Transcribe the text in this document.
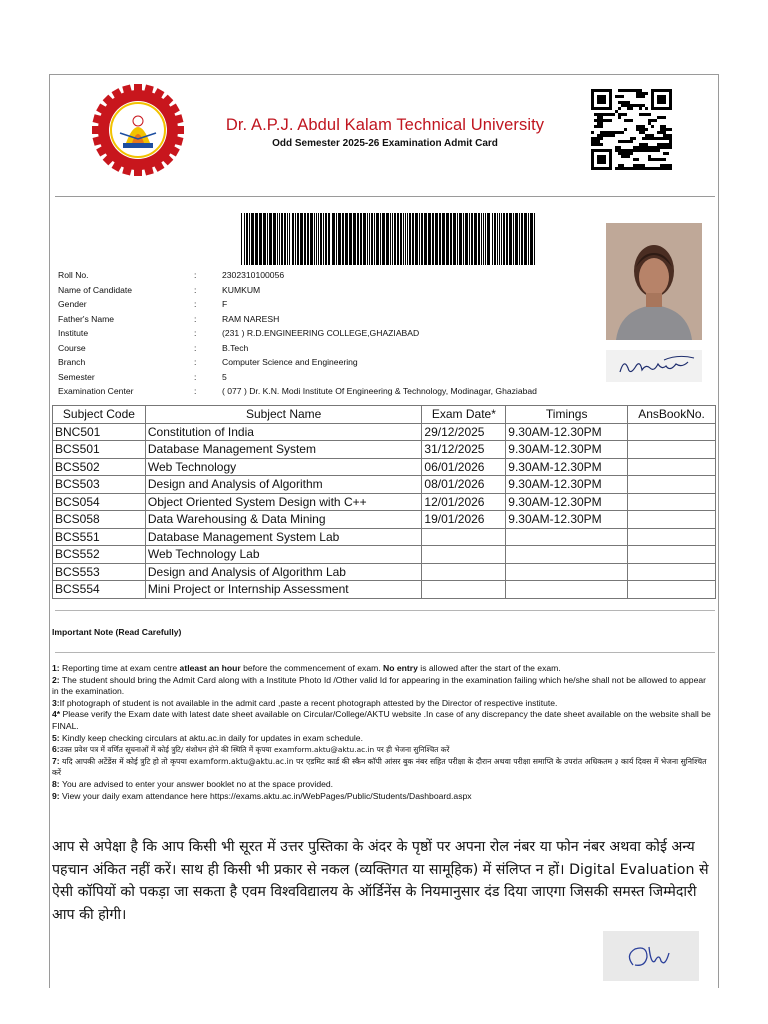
Dr. A.P.J. Abdul Kalam Technical University
Odd Semester 2025-26 Examination Admit Card
Roll No.	:	2302310100056
Name of Candidate	:	KUMKUM
Gender	:	F
Father's Name	:	RAM NARESH
Institute	:	(231 ) R.D.ENGINEERING COLLEGE,GHAZIABAD
Course	:	B.Tech
Branch	:	Computer Science and Engineering
Semester	:	5
Examination Center	:	( 077 ) Dr. K.N. Modi Institute Of Engineering & Technology, Modinagar, Ghaziabad
Subject Code	Subject Name	Exam Date*	Timings	AnsBookNo.
BNC501	Constitution of India	29/12/2025	9.30AM-12.30PM	
BCS501	Database Management System	31/12/2025	9.30AM-12.30PM	
BCS502	Web Technology	06/01/2026	9.30AM-12.30PM	
BCS503	Design and Analysis of Algorithm	08/01/2026	9.30AM-12.30PM	
BCS054	Object Oriented System Design with C++	12/01/2026	9.30AM-12.30PM	
BCS058	Data Warehousing & Data Mining	19/01/2026	9.30AM-12.30PM	
BCS551	Database Management System Lab			
BCS552	Web Technology Lab			
BCS553	Design and Analysis of Algorithm Lab			
BCS554	Mini Project or Internship Assessment			
Important Note (Read Carefully)

1: Reporting time at exam centre atleast an hour before the commencement of exam. No entry is allowed after the start of the exam.

2: The student should bring the Admit Card along with a Institute Photo Id /Other valid Id for appearing in the examination failing which he/she shall not be allowed to appear in the examination.

3:If photograph of student is not available in the admit card ,paste a recent photograph attested by the Director of respective institute.

4* Please verify the Exam date with latest date sheet available on Circular/College/AKTU website .In case of any discrepancy the date sheet available on the website shall be FINAL.

5: Kindly keep checking circulars at aktu.ac.in daily for updates in exam schedule.

6:उक्त प्रवेश पत्र में वर्णित सूचनाओं में कोई त्रुटि/ संशोधन होने की स्थिति में कृपया examform.aktu@aktu.ac.in पर ही भेजना सुनिश्चित करें

7: यदि आपकी अटेंडेंस में कोई त्रुटि हो तो कृपया examform.aktu@aktu.ac.in पर एडमिट कार्ड की स्कैन कॉपी आंसर बुक नंबर सहित परीक्षा के दौरान अथवा परीक्षा समाप्ति के उपरांत अधिकतम ३ कार्य दिवस में भेजना सुनिश्चित करें

8: You are advised to enter your answer booklet no at the space provided.

9: View your daily exam attendance here https://exams.aktu.ac.in/WebPages/Public/Students/Dashboard.aspx

आप से अपेक्षा है कि आप किसी भी सूरत में उत्तर पुस्तिका के अंदर के पृष्ठों पर अपना रोल नंबर या फोन नंबर अथवा कोई अन्य पहचान अंकित नहीं करें। साथ ही किसी भी प्रकार से नकल (व्यक्तिगत या सामूहिक) में संलिप्त न हों। Digital Evaluation से ऐसी कॉपियों को पकड़ा जा सकता है एवम विश्वविद्यालय के ऑर्डिनेंस के नियमानुसार दंड दिया जाएगा जिसकी समस्त जिम्मेदारी आप की होगी।
